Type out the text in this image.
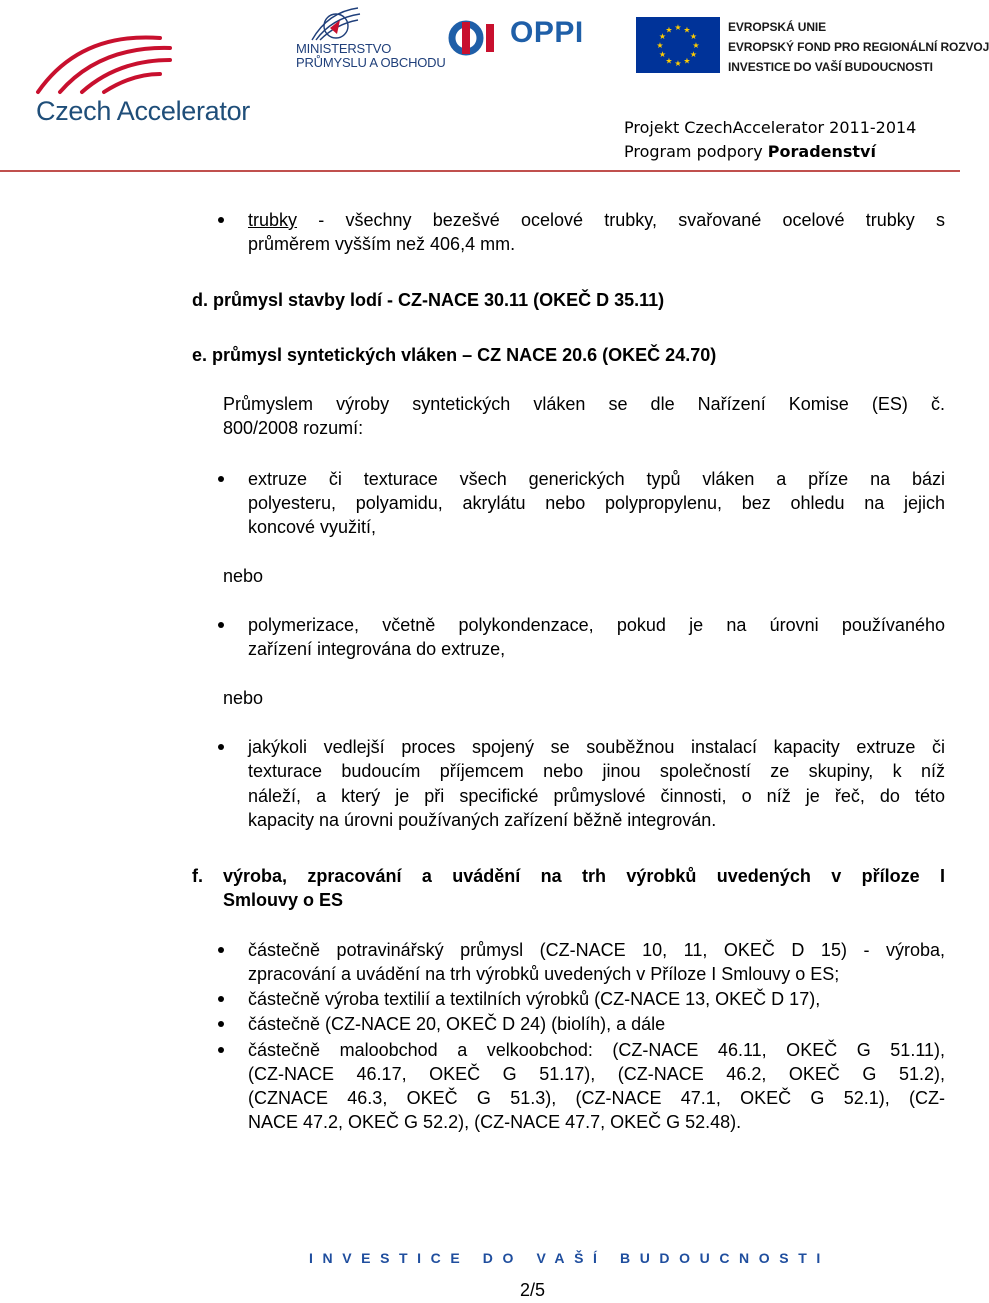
Czech Accelerator
MINISTERSTVO
PRŮMYSLU A OBCHODU
OPPI	★ ★
★
★
★
★
★
★
★
★
★
★	EVROPSKÁ UNIE
EVROPSKÝ FOND PRO REGIONÁLNÍ ROZVOJ
INVESTICE DO VAŠÍ BUDOUCNOSTI
Projekt CzechAccelerator 2011-2014
Program podpory Poradenství
trubky - všechny bezešvé ocelové trubky, svařované ocelové trubky s
průměrem vyšším než 406,4 mm.
d. průmysl stavby lodí - CZ-NACE 30.11 (OKEČ D 35.11)
e. průmysl syntetických vláken – CZ NACE 20.6 (OKEČ 24.70)
Průmyslem výroby syntetických vláken se dle Nařízení Komise (ES) č.
800/2008 rozumí:
extruze či texturace všech generických typů vláken a příze na bázi
polyesteru, polyamidu, akrylátu nebo polypropylenu, bez ohledu na jejich
koncové využití,
nebo
polymerizace, včetně polykondenzace, pokud je na úrovni používaného
zařízení integrována do extruze,
nebo
jakýkoli vedlejší proces spojený se souběžnou instalací kapacity extruze či
texturace budoucím příjemcem nebo jinou společností ze skupiny, k níž
náleží, a který je při specifické průmyslové činnosti, o níž je řeč, do této
kapacity na úrovni používaných zařízení běžně integrován.
f. výroba, zpracování a uvádění na trh výrobků uvedených v příloze I
Smlouvy o ES
částečně potravinářský průmysl (CZ-NACE 10, 11, OKEČ D 15) - výroba,
zpracování a uvádění na trh výrobků uvedených v Příloze I Smlouvy o ES;
částečně výroba textilií a textilních výrobků (CZ-NACE 13, OKEČ D 17),
částečně (CZ-NACE 20, OKEČ D 24) (biolíh), a dále
částečně maloobchod a velkoobchod: (CZ-NACE 46.11, OKEČ G 51.11),
(CZ-NACE 46.17, OKEČ G 51.17), (CZ-NACE 46.2, OKEČ G 51.2),
(CZNACE 46.3, OKEČ G 51.3), (CZ-NACE 47.1, OKEČ G 52.1), (CZ-
NACE 47.2, OKEČ G 52.2), (CZ-NACE 47.7, OKEČ G 52.48).
INVESTICE DO VAŠÍ BUDOUCNOSTI
2/5
